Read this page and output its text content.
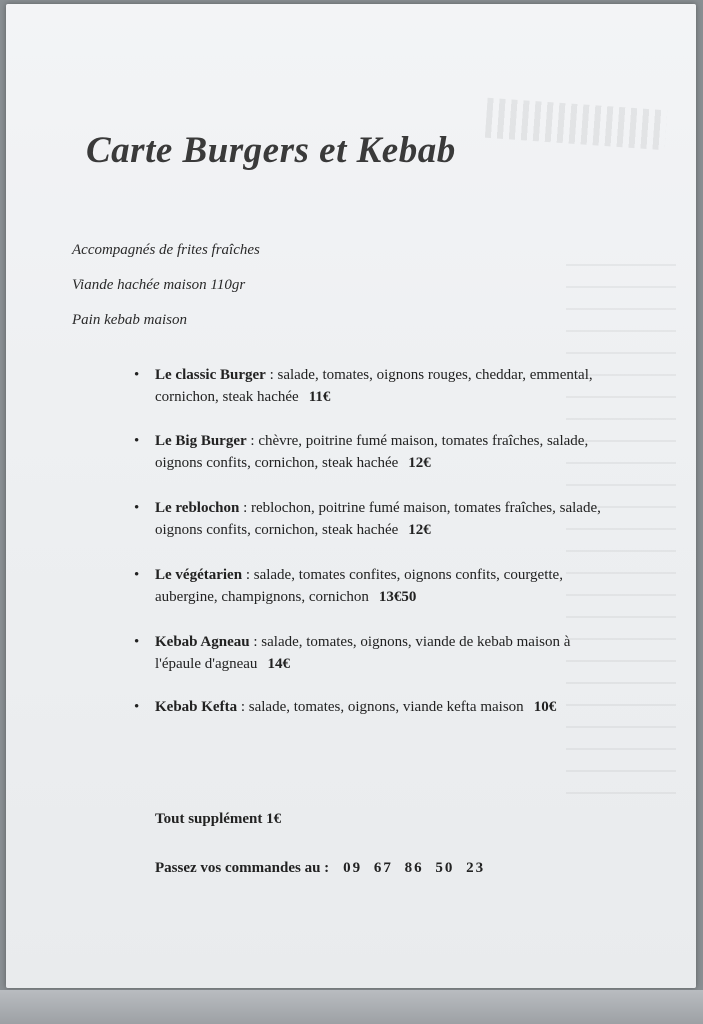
Carte Burgers et Kebab
Accompagnés de frites fraîches
Viande hachée maison 110gr
Pain kebab maison
• Le classic Burger : salade, tomates, oignons rouges, cheddar, emmental, cornichon, steak hachée 11€
• Le Big Burger : chèvre, poitrine fumé maison, tomates fraîches, salade, oignons confits, cornichon, steak hachée 12€
• Le reblochon : reblochon, poitrine fumé maison, tomates fraîches, salade, oignons confits, cornichon, steak hachée 12€
• Le végétarien : salade, tomates confites, oignons confits, courgette, aubergine, champignons, cornichon 13€50
• Kebab Agneau : salade, tomates, oignons, viande de kebab maison à l'épaule d'agneau 14€
• Kebab Kefta : salade, tomates, oignons, viande kefta maison 10€

Tout supplément 1€

Passez vos commandes au : 09 67 86 50 23
